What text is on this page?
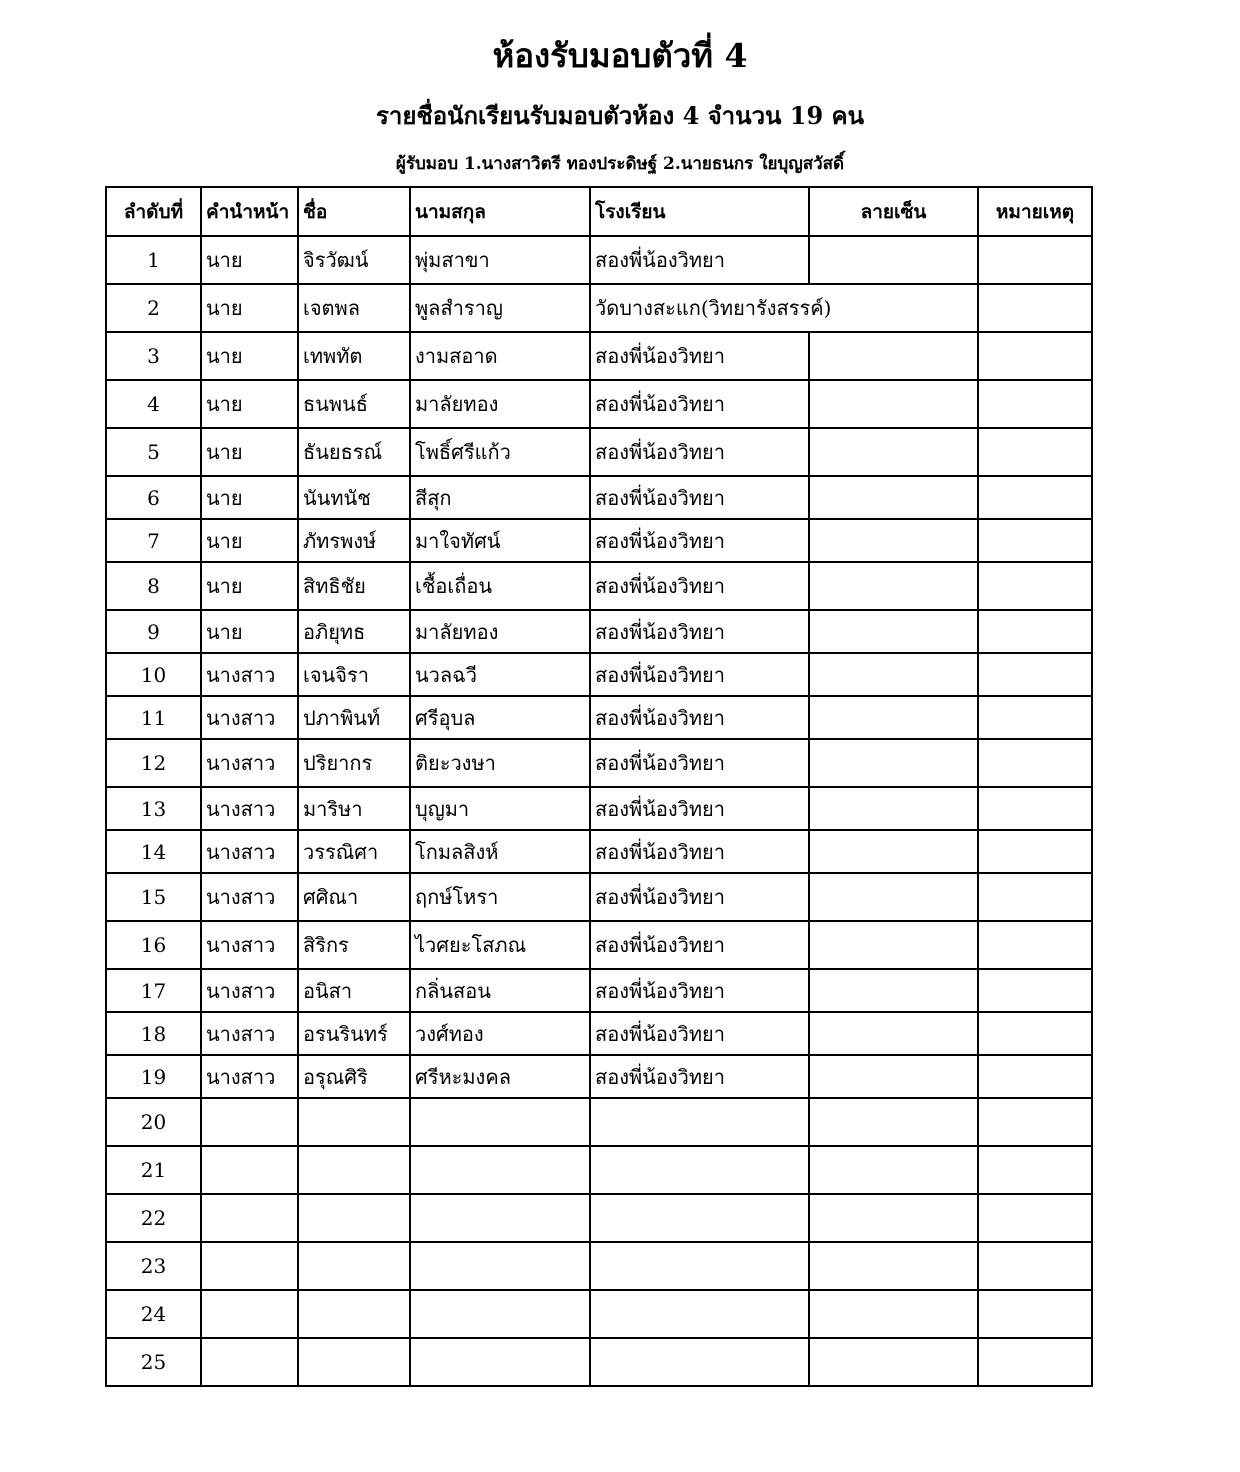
ห้องรับมอบตัวที่ 4
รายชื่อนักเรียนรับมอบตัวห้อง 4 จำนวน 19 คน
ผู้รับมอบ 1.นางสาวิตรี ทองประดิษฐ์ 2.นายธนกร ใยบุญสวัสดิ์
ลำดับที่	คำนำหน้า	ชื่อ	นามสกุล	โรงเรียน	ลายเซ็น	หมายเหตุ
1	นาย	จิรวัฒน์	พุ่มสาขา	สองพี่น้องวิทยา		
2	นาย	เจตพล	พูลสำราญ	วัดบางสะแก(วิทยารังสรรค์)		
3	นาย	เทพทัต	งามสอาด	สองพี่น้องวิทยา		
4	นาย	ธนพนธ์	มาลัยทอง	สองพี่น้องวิทยา		
5	นาย	ธันยธรณ์	โพธิ์ศรีแก้ว	สองพี่น้องวิทยา		
6	นาย	นันทนัช	สีสุก	สองพี่น้องวิทยา		
7	นาย	ภัทรพงษ์	มาใจทัศน์	สองพี่น้องวิทยา		
8	นาย	สิทธิชัย	เชื้อเถื่อน	สองพี่น้องวิทยา		
9	นาย	อภิยุทธ	มาลัยทอง	สองพี่น้องวิทยา		
10	นางสาว	เจนจิรา	นวลฉวี	สองพี่น้องวิทยา		
11	นางสาว	ปภาพินท์	ศรีอุบล	สองพี่น้องวิทยา		
12	นางสาว	ปริยากร	ติยะวงษา	สองพี่น้องวิทยา		
13	นางสาว	มาริษา	บุญมา	สองพี่น้องวิทยา		
14	นางสาว	วรรณิศา	โกมลสิงห์	สองพี่น้องวิทยา		
15	นางสาว	ศศิณา	ฤกษ์โหรา	สองพี่น้องวิทยา		
16	นางสาว	สิริกร	ไวศยะโสภณ	สองพี่น้องวิทยา		
17	นางสาว	อนิสา	กลิ่นสอน	สองพี่น้องวิทยา		
18	นางสาว	อรนรินทร์	วงศ์ทอง	สองพี่น้องวิทยา		
19	นางสาว	อรุณศิริ	ศรีหะมงคล	สองพี่น้องวิทยา		
20						
21						
22						
23						
24						
25						
